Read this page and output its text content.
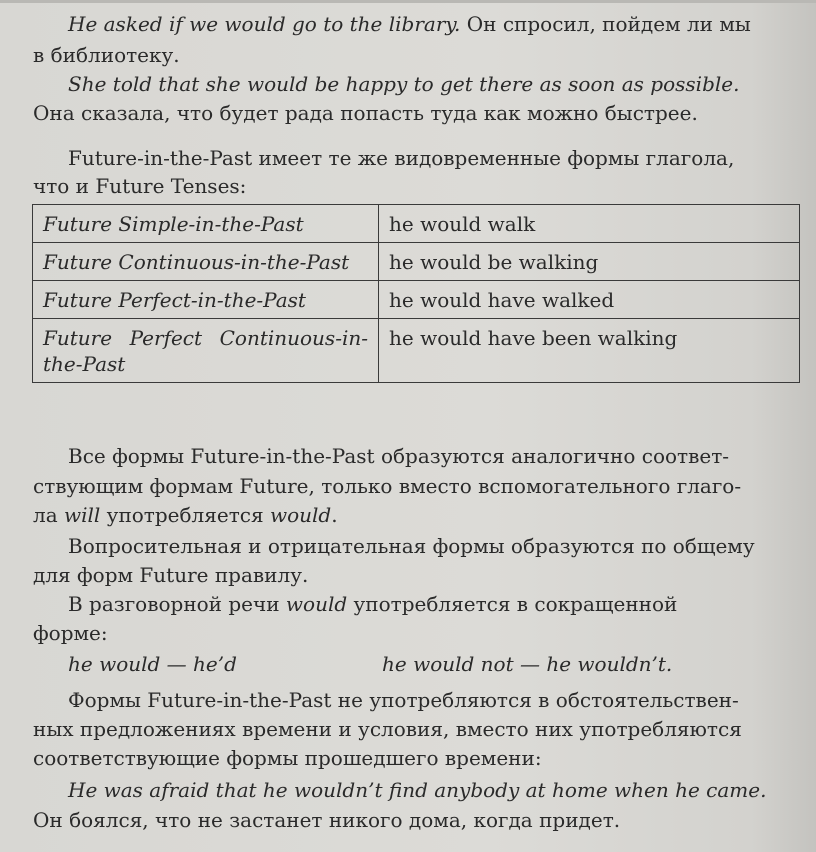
He asked if we would go to the library. Он спросил, пойдем ли мы
в библиотеку.
She told that she would be happy to get there as soon as possible.
Она сказала, что будет рада попасть туда как можно быстрее.
Future-in-the-Past имеет те же видовременные формы глагола,
что и Future Tenses:
Future Simple-in-the-Past	he would walk

Future Continuous-in-the-Past	he would be walking

Future Perfect-in-the-Past	he would have walked

Future Perfect Continuous-in-the-Past	he would have been walking
Все формы Future-in-the-Past образуются аналогично соответ-
ствующим формам Future, только вместо вспомогательного глаго-
ла will употребляется would.
Вопросительная и отрицательная формы образуются по общему
для форм Future правилу.
В разговорной речи would употребляется в сокращенной
форме:
he would — he’d	he would not — he wouldn’t.
Формы Future-in-the-Past не употребляются в обстоятельствен-
ных предложениях времени и условия, вместо них употребляются
соответствующие формы прошедшего времени:
He was afraid that he wouldn’t find anybody at home when he came.
Он боялся, что не застанет никого дома, когда придет.
